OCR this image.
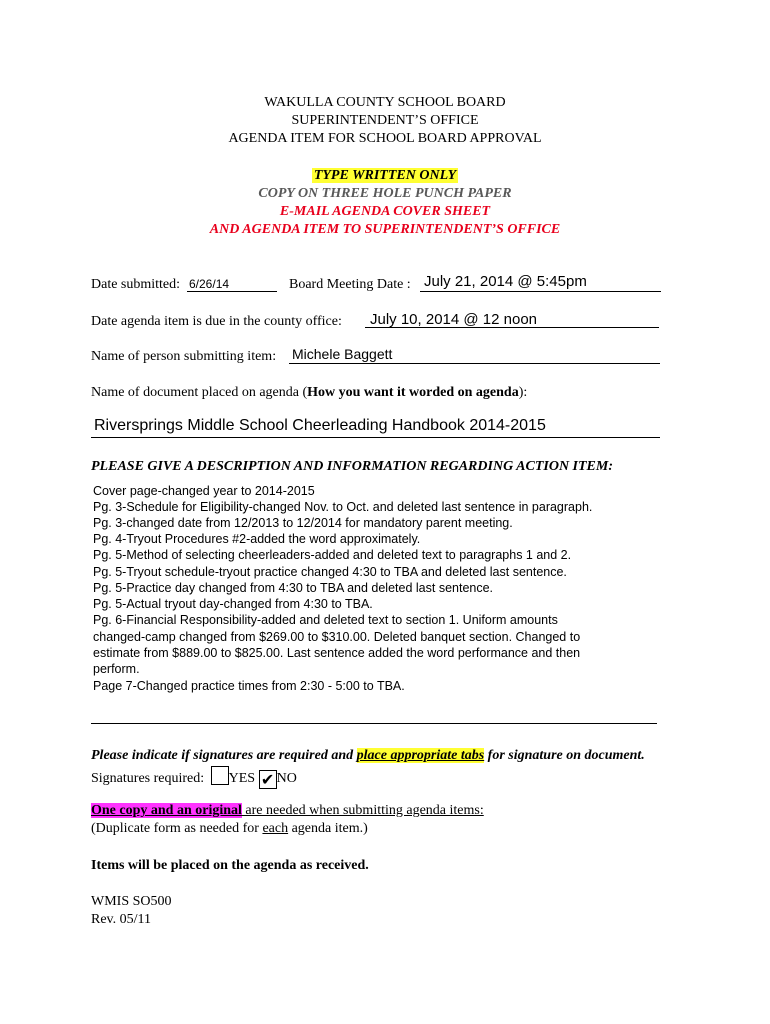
WAKULLA COUNTY SCHOOL BOARD
SUPERINTENDENT’S OFFICE
AGENDA ITEM FOR SCHOOL BOARD APPROVAL
TYPE WRITTEN ONLY
COPY ON THREE HOLE PUNCH PAPER
E-MAIL AGENDA COVER SHEET
AND AGENDA ITEM TO SUPERINTENDENT’S OFFICE
Date submitted: 6/26/14	Board Meeting Date : July 21, 2014 @ 5:45pm
Date agenda item is due in the county office: July 10, 2014 @ 12 noon
Name of person submitting item: Michele Baggett
Name of document placed on agenda (How you want it worded on agenda):
Riversprings Middle School Cheerleading Handbook 2014-2015
PLEASE GIVE A DESCRIPTION AND INFORMATION REGARDING ACTION ITEM:
Cover page-changed year to 2014-2015
Pg. 3-Schedule for Eligibility-changed Nov. to Oct. and deleted last sentence in paragraph.
Pg. 3-changed date from 12/2013 to 12/2014 for mandatory parent meeting.
Pg. 4-Tryout Procedures #2-added the word approximately.
Pg. 5-Method of selecting cheerleaders-added and deleted text to paragraphs 1 and 2.
Pg. 5-Tryout schedule-tryout practice changed 4:30 to TBA and deleted last sentence.
Pg. 5-Practice day changed from 4:30 to TBA and deleted last sentence.
Pg. 5-Actual tryout day-changed from 4:30 to TBA.
Pg. 6-Financial Responsibility-added and deleted text to section 1. Uniform amounts
changed-camp changed from $269.00 to $310.00. Deleted banquet section. Changed to
estimate from $889.00 to $825.00. Last sentence added the word performance and then
perform.
Page 7-Changed practice times from 2:30 - 5:00 to TBA.
Please indicate if signatures are required and place appropriate tabs for signature on document.
Signatures required: YES ✔ NO
One copy and an original are needed when submitting agenda items:
(Duplicate form as needed for each agenda item.)
Items will be placed on the agenda as received.
WMIS SO500
Rev. 05/11
